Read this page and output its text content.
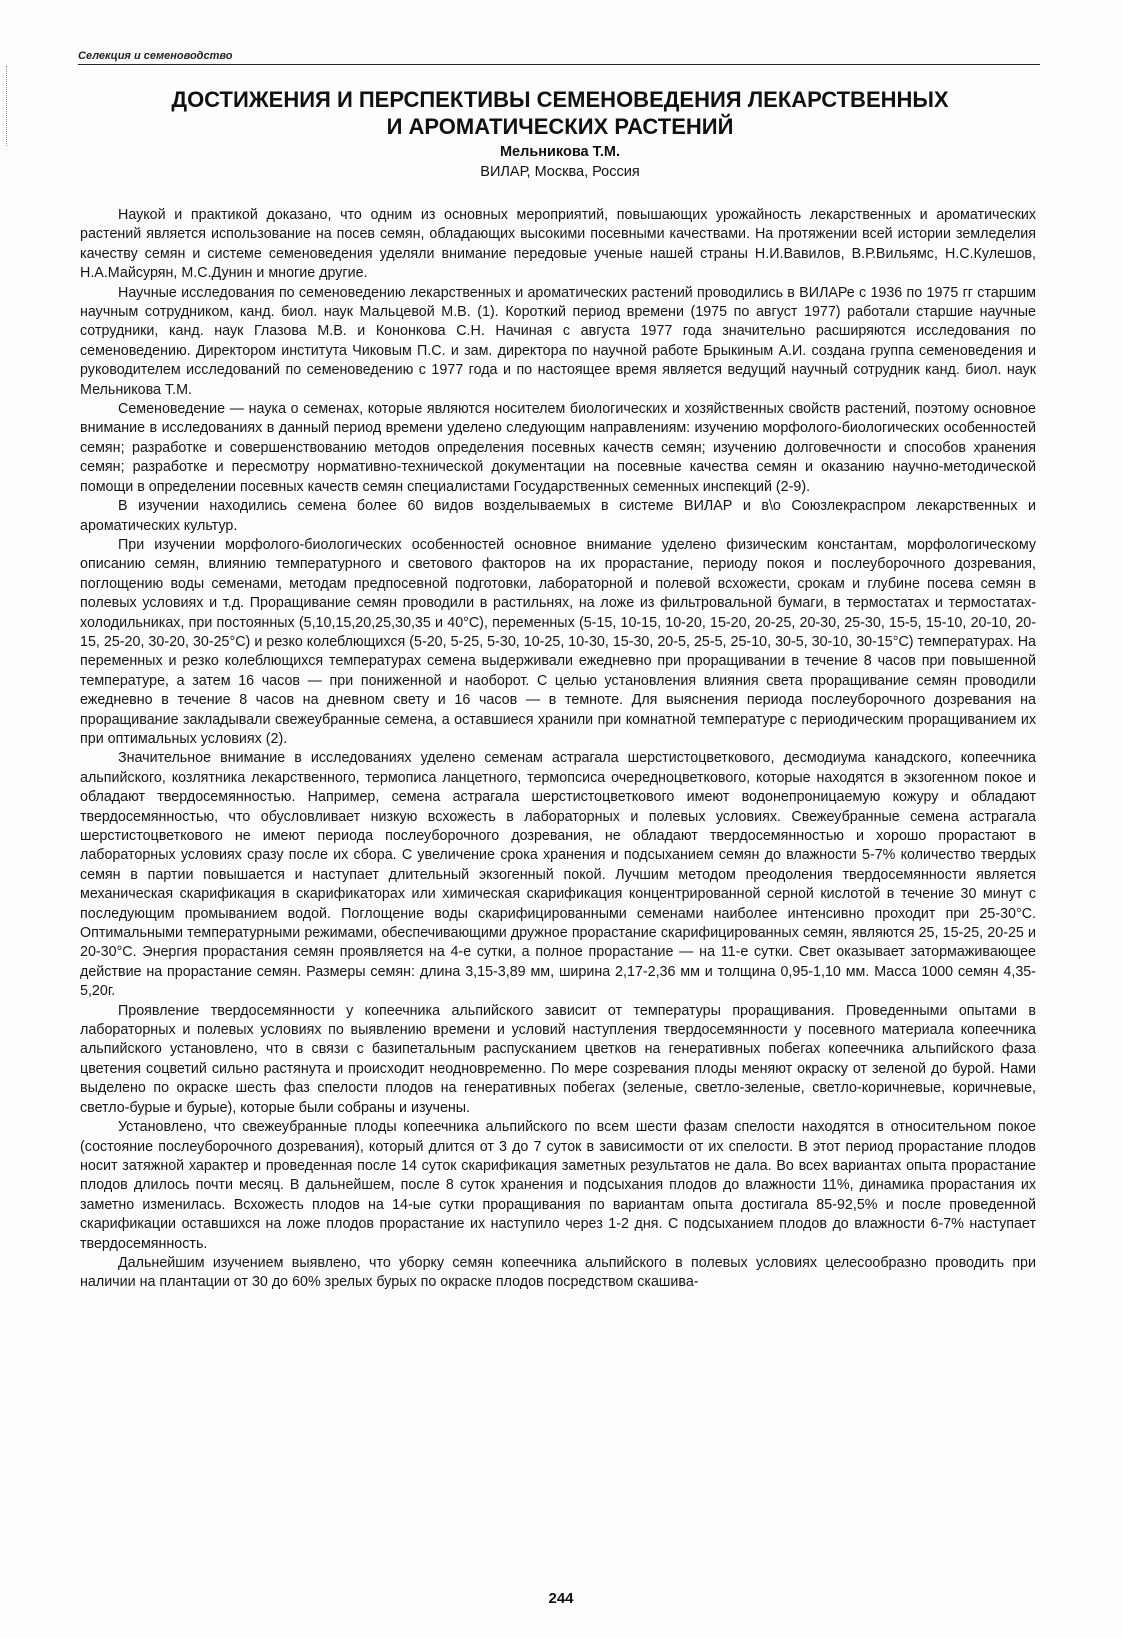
Селекция и семеноводство
ДОСТИЖЕНИЯ И ПЕРСПЕКТИВЫ СЕМЕНОВЕДЕНИЯ ЛЕКАРСТВЕННЫХ
И АРОМАТИЧЕСКИХ РАСТЕНИЙ
Мельникова Т.М.
ВИЛАР, Москва, Россия

Наукой и практикой доказано, что одним из основных мероприятий, повышающих урожайность лекарственных и ароматических растений является использование на посев семян, обладающих высокими посевными качествами. На протяжении всей истории земледелия качеству семян и системе семеноведения уделяли внимание передовые ученые нашей страны Н.И.Вавилов, В.Р.Вильямс, Н.С.Кулешов, Н.А.Майсурян, М.С.Дунин и многие другие.

Научные исследования по семеноведению лекарственных и ароматических растений проводились в ВИЛАРе с 1936 по 1975 гг старшим научным сотрудником, канд. биол. наук Мальцевой М.В. (1). Короткий период времени (1975 по август 1977) работали старшие научные сотрудники, канд. наук Глазова М.В. и Кононкова С.Н. Начиная с августа 1977 года значительно расширяются исследования по семеноведению. Директором института Чиковым П.С. и зам. директора по научной работе Брыкиным А.И. создана группа семеноведения и руководителем исследований по семеноведению с 1977 года и по настоящее время является ведущий научный сотрудник канд. биол. наук Мельникова Т.М.

Семеноведение — наука о семенах, которые являются носителем биологических и хозяйственных свойств растений, поэтому основное внимание в исследованиях в данный период времени уделено следующим направлениям: изучению морфолого-биологических особенностей семян; разработке и совершенствованию методов определения посевных качеств семян; изучению долговечности и способов хранения семян; разработке и пересмотру нормативно-технической документации на посевные качества семян и оказанию научно-методической помощи в определении посевных качеств семян специалистами Государственных семенных инспекций (2-9).

В изучении находились семена более 60 видов возделываемых в системе ВИЛАР и в\о Союзлекраспром лекарственных и ароматических культур.

При изучении морфолого-биологических особенностей основное внимание уделено физическим константам, морфологическому описанию семян, влиянию температурного и светового факторов на их прорастание, периоду покоя и послеуборочного дозревания, поглощению воды семенами, методам предпосевной подготовки, лабораторной и полевой всхожести, срокам и глубине посева семян в полевых условиях и т.д. Проращивание семян проводили в растильнях, на ложе из фильтровальной бумаги, в термостатах и термостатах-холодильниках, при постоянных (5,10,15,20,25,30,35 и 40°С), переменных (5-15, 10-15, 10-20, 15-20, 20-25, 20-30, 25-30, 15-5, 15-10, 20-10, 20-15, 25-20, 30-20, 30-25°С) и резко колеблющихся (5-20, 5-25, 5-30, 10-25, 10-30, 15-30, 20-5, 25-5, 25-10, 30-5, 30-10, 30-15°С) температурах. На переменных и резко колеблющихся температурах семена выдерживали ежедневно при проращивании в течение 8 часов при повышенной температуре, а затем 16 часов — при пониженной и наоборот. С целью установления влияния света проращивание семян проводили ежедневно в течение 8 часов на дневном свету и 16 часов — в темноте. Для выяснения периода послеуборочного дозревания на проращивание закладывали свежеубранные семена, а оставшиеся хранили при комнатной температуре с периодическим проращиванием их при оптимальных условиях (2).

Значительное внимание в исследованиях уделено семенам астрагала шерстистоцветкового, десмодиума канадского, копеечника альпийского, козлятника лекарственного, термописа ланцетного, термопсиса очередноцветкового, которые находятся в экзогенном покое и обладают твердосемянностью. Например, семена астрагала шерстистоцветкового имеют водонепроницаемую кожуру и обладают твердосемянностью, что обусловливает низкую всхожесть в лабораторных и полевых условиях. Свежеубранные семена астрагала шерстистоцветкового не имеют периода послеуборочного дозревания, не обладают твердосемянностью и хорошо прорастают в лабораторных условиях сразу после их сбора. С увеличение срока хранения и подсыханием семян до влажности 5-7% количество твердых семян в партии повышается и наступает длительный экзогенный покой. Лучшим методом преодоления твердосемянности является механическая скарификация в скарификаторах или химическая скарификация концентрированной серной кислотой в течение 30 минут с последующим промыванием водой. Поглощение воды скарифицированными семенами наиболее интенсивно проходит при 25-30°С. Оптимальными температурными режимами, обеспечивающими дружное прорастание скарифицированных семян, являются 25, 15-25, 20-25 и 20-30°С. Энергия прорастания семян проявляется на 4-е сутки, а полное прорастание — на 11-е сутки. Свет оказывает затормаживающее действие на прорастание семян. Размеры семян: длина 3,15-3,89 мм, ширина 2,17-2,36 мм и толщина 0,95-1,10 мм. Масса 1000 семян 4,35-5,20г.

Проявление твердосемянности у копеечника альпийского зависит от температуры проращивания. Проведенными опытами в лабораторных и полевых условиях по выявлению времени и условий наступления твердосемянности у посевного материала копеечника альпийского установлено, что в связи с базипетальным распусканием цветков на генеративных побегах копеечника альпийского фаза цветения соцветий сильно растянута и происходит неодновременно. По мере созревания плоды меняют окраску от зеленой до бурой. Нами выделено по окраске шесть фаз спелости плодов на генеративных побегах (зеленые, светло-зеленые, светло-коричневые, коричневые, светло-бурые и бурые), которые были собраны и изучены.

Установлено, что свежеубранные плоды копеечника альпийского по всем шести фазам спелости находятся в относительном покое (состояние послеуборочного дозревания), который длится от 3 до 7 суток в зависимости от их спелости. В этот период прорастание плодов носит затяжной характер и проведенная после 14 суток скарификация заметных результатов не дала. Во всех вариантах опыта прорастание плодов длилось почти месяц. В дальнейшем, после 8 суток хранения и подсыхания плодов до влажности 11%, динамика прорастания их заметно изменилась. Всхожесть плодов на 14-ые сутки проращивания по вариантам опыта достигала 85-92,5% и после проведенной скарификации оставшихся на ложе плодов прорастание их наступило через 1-2 дня. С подсыханием плодов до влажности 6-7% наступает твердосемянность.

Дальнейшим изучением выявлено, что уборку семян копеечника альпийского в полевых условиях целесообразно проводить при наличии на плантации от 30 до 60% зрелых бурых по окраске плодов посредством скашива-

244
